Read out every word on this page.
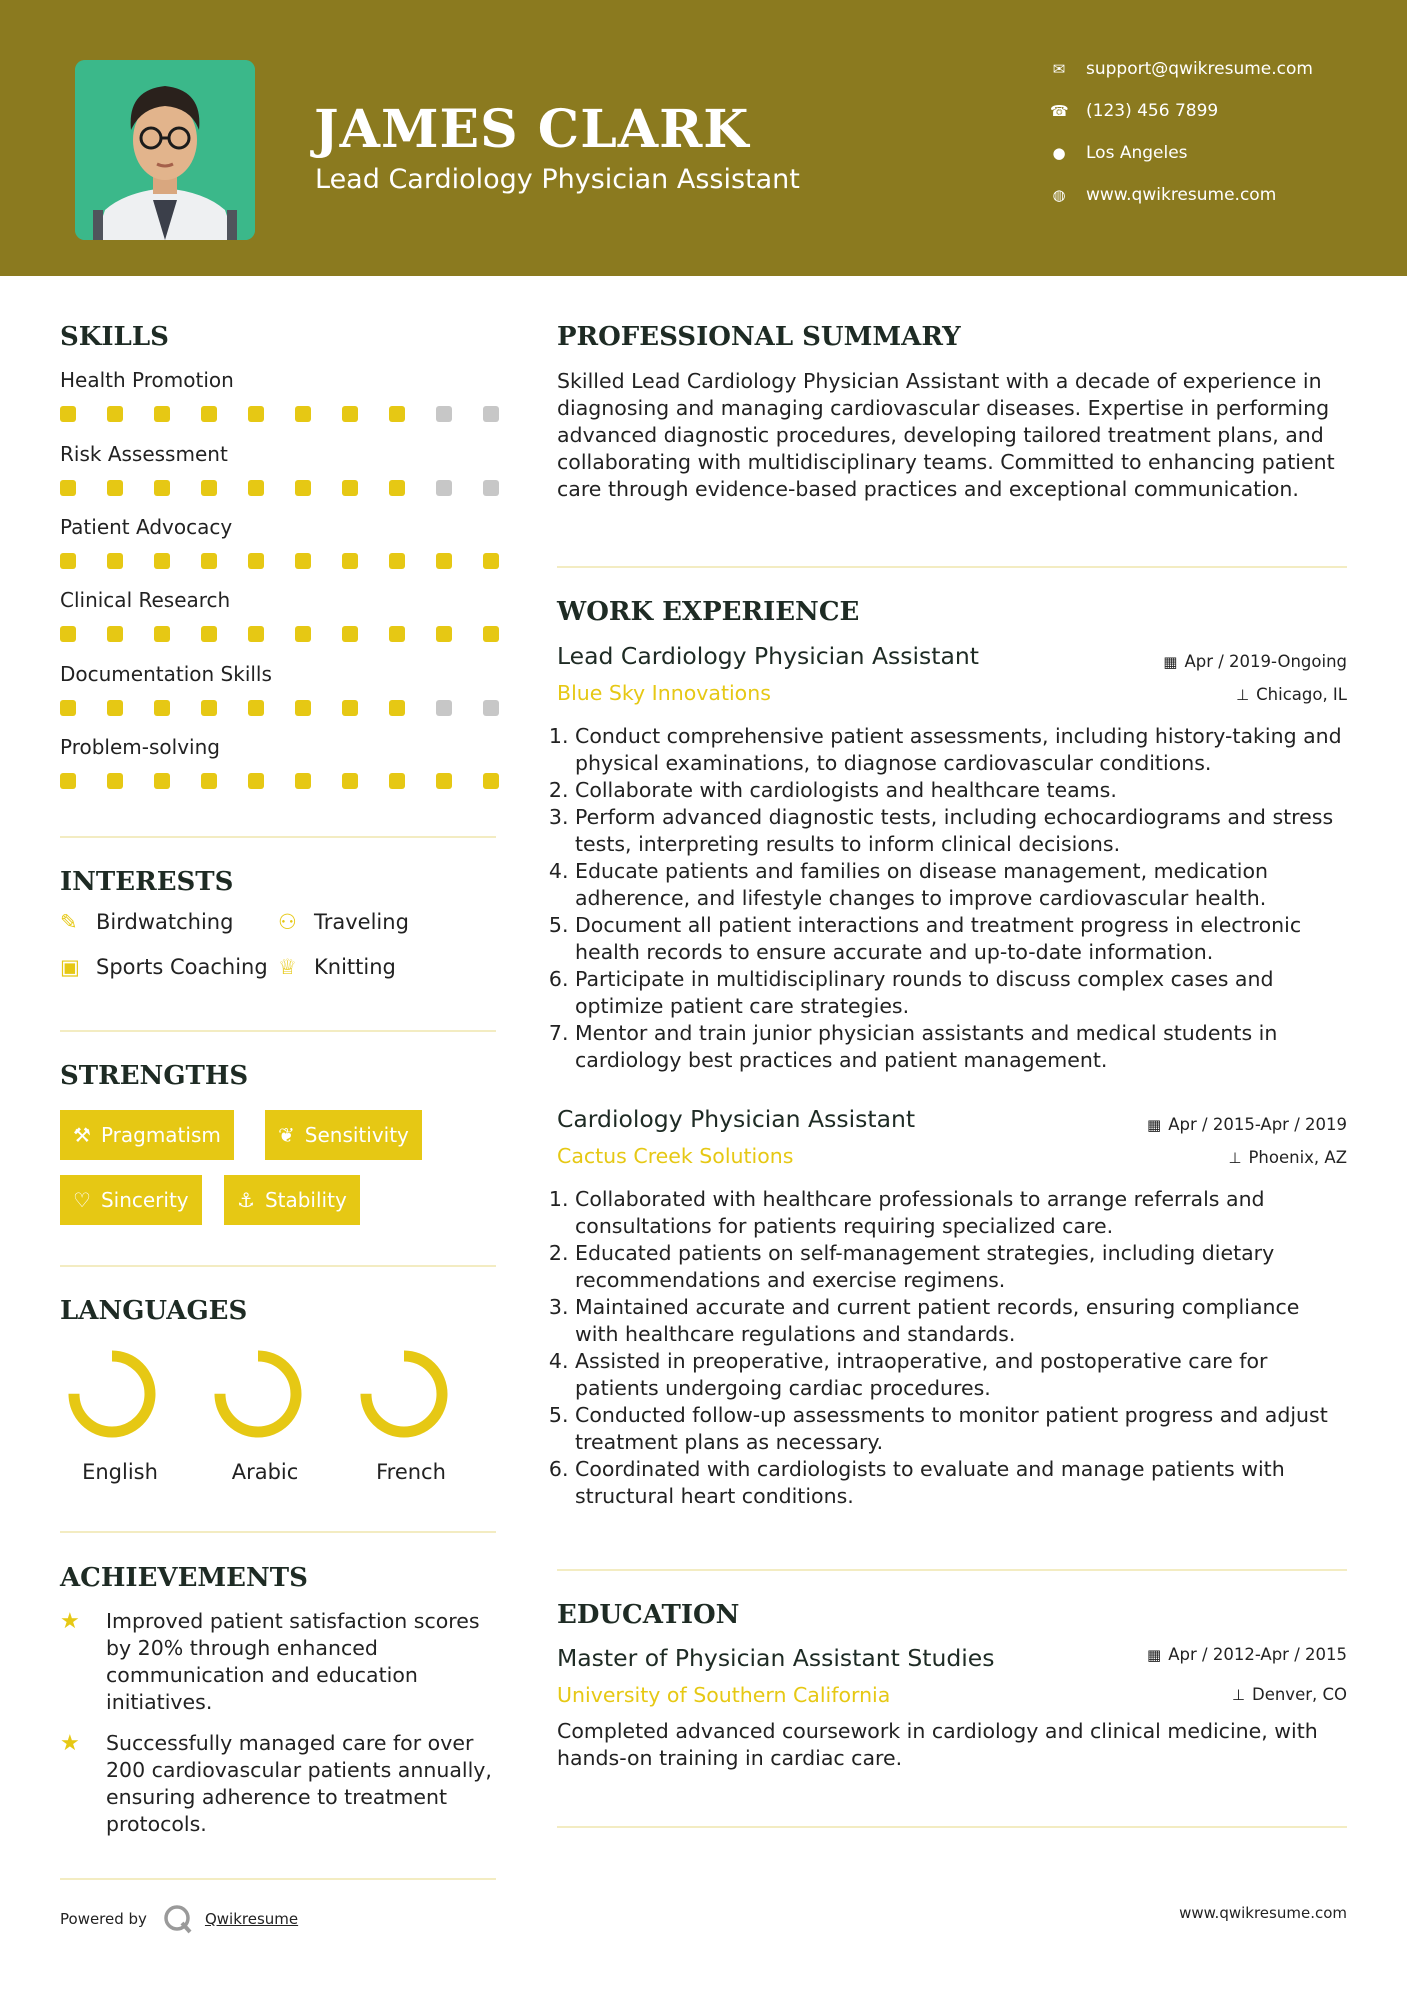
JAMES CLARK
Lead Cardiology Physician Assistant
✉ support@qwikresume.com
☎ (123) 456 7899
● Los Angeles
◍ www.qwikresume.com
SKILLS
Health Promotion
Risk Assessment
Patient Advocacy
Clinical Research
Documentation Skills
Problem-solving
INTERESTS
✎ Birdwatching ⚇ Traveling
▣ Sports Coaching ♕ Knitting
STRENGTHS
⚒ Pragmatism	❦ Sensitivity
♡ Sincerity ⚓ Stability
LANGUAGES
English	Arabic	French
ACHIEVEMENTS
★	Improved patient satisfaction scores by 20% through enhanced communication and education initiatives.
★	Successfully managed care for over 200 cardiovascular patients annually, ensuring adherence to treatment protocols.
PROFESSIONAL SUMMARY
Skilled Lead Cardiology Physician Assistant with a decade of experience in diagnosing and managing cardiovascular diseases. Expertise in performing advanced diagnostic procedures, developing tailored treatment plans, and collaborating with multidisciplinary teams. Committed to enhancing patient care through evidence-based practices and exceptional communication.
WORK EXPERIENCE
Lead Cardiology Physician Assistant	▦ Apr / 2019-Ongoing
Blue Sky Innovations	⊥ Chicago, IL
1. Conduct comprehensive patient assessments, including history-taking and physical examinations, to diagnose cardiovascular conditions.
2. Collaborate with cardiologists and healthcare teams.
3. Perform advanced diagnostic tests, including echocardiograms and stress tests, interpreting results to inform clinical decisions.
4. Educate patients and families on disease management, medication adherence, and lifestyle changes to improve cardiovascular health.
5. Document all patient interactions and treatment progress in electronic health records to ensure accurate and up-to-date information.
6. Participate in multidisciplinary rounds to discuss complex cases and optimize patient care strategies.
7. Mentor and train junior physician assistants and medical students in cardiology best practices and patient management.
Cardiology Physician Assistant	▦ Apr / 2015-Apr / 2019
Cactus Creek Solutions	⊥ Phoenix, AZ
1. Collaborated with healthcare professionals to arrange referrals and consultations for patients requiring specialized care.
2. Educated patients on self-management strategies, including dietary recommendations and exercise regimens.
3. Maintained accurate and current patient records, ensuring compliance with healthcare regulations and standards.
4. Assisted in preoperative, intraoperative, and postoperative care for patients undergoing cardiac procedures.
5. Conducted follow-up assessments to monitor patient progress and adjust treatment plans as necessary.
6. Coordinated with cardiologists to evaluate and manage patients with structural heart conditions.
EDUCATION
Master of Physician Assistant Studies	▦ Apr / 2012-Apr / 2015
University of Southern California	⊥ Denver, CO
Completed advanced coursework in cardiology and clinical medicine, with hands-on training in cardiac care.
Powered by	Qwikresume	www.qwikresume.com
